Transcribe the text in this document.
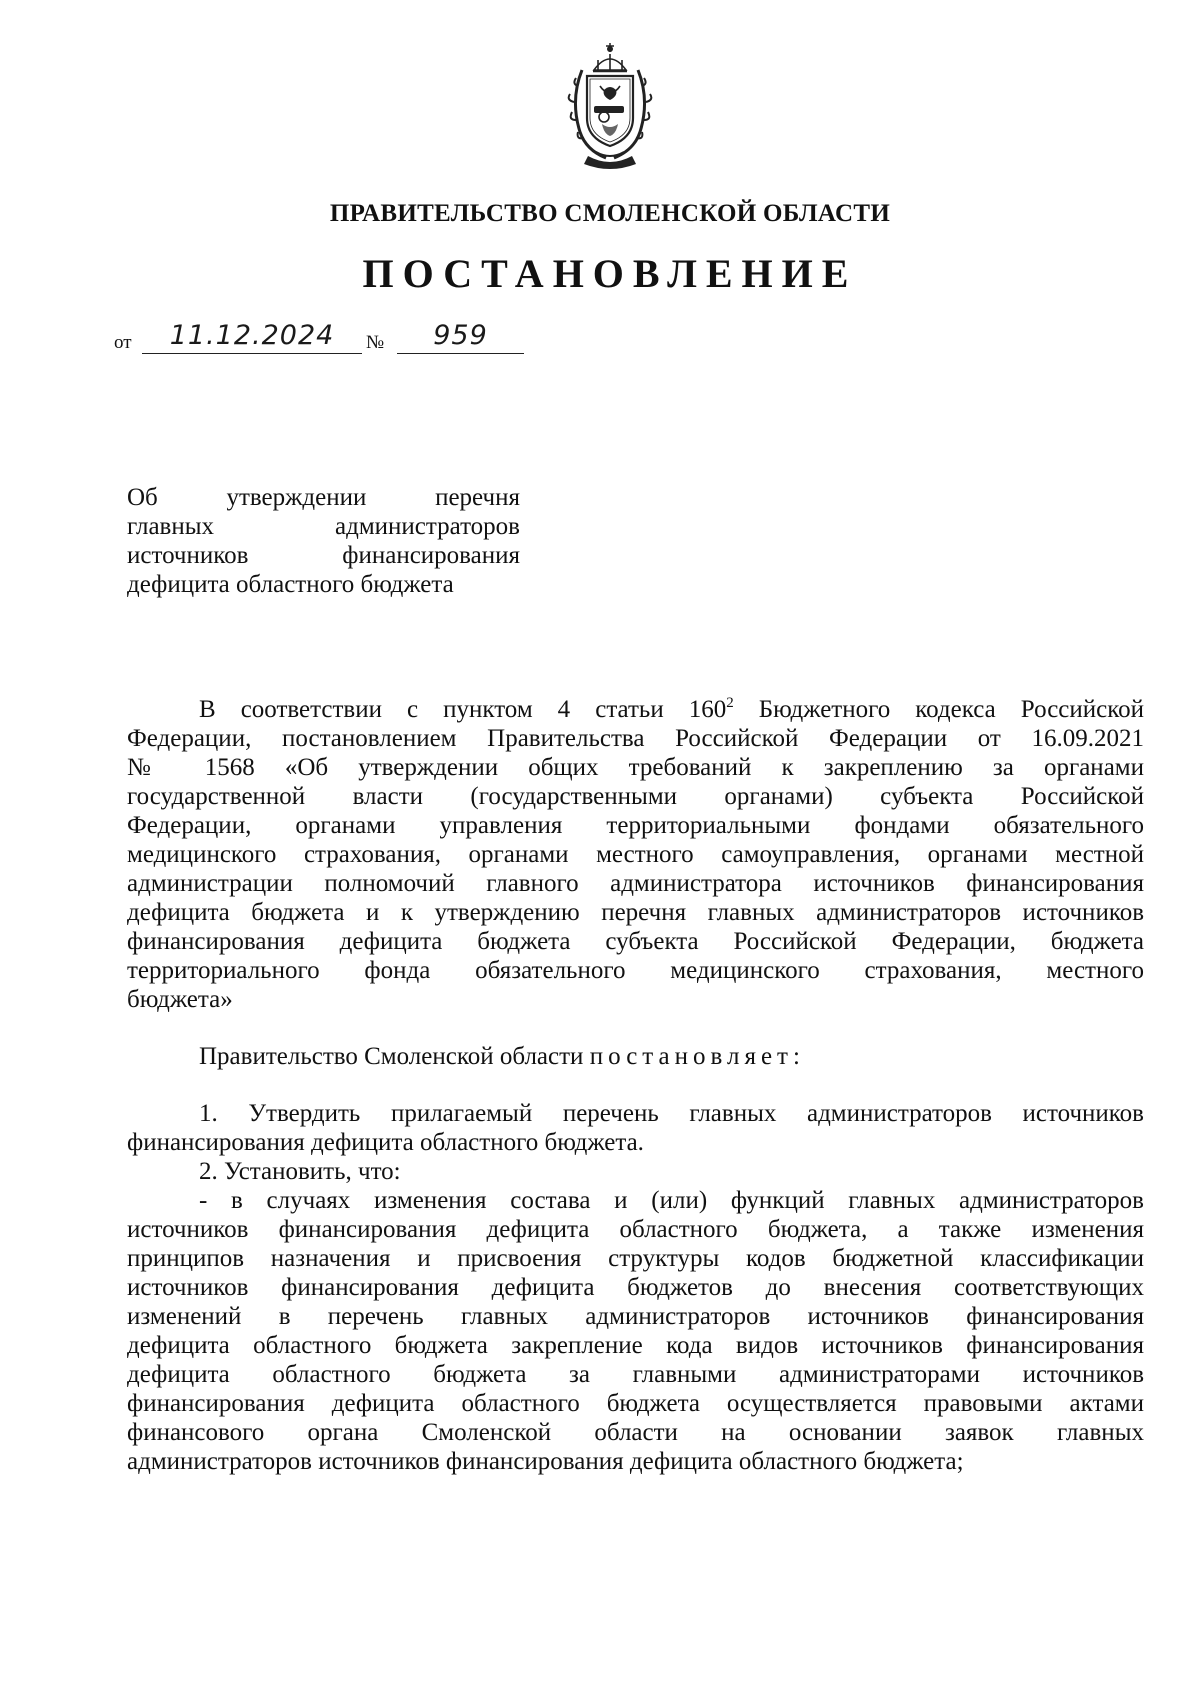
ПРАВИТЕЛЬСТВО СМОЛЕНСКОЙ ОБЛАСТИ
ПОСТАНОВЛЕНИЕ
от	11.12.2024	№	959
Об утверждении перечня
главных администраторов
источников финансирования
дефицита областного бюджета
В соответствии с пунктом 4 статьи $160^2$ Бюджетного кодекса Российской
Федерации, постановлением Правительства Российской Федерации от 16.09.2021
№ 1568 «Об утверждении общих требований к закреплению за органами
государственной власти (государственными органами) субъекта Российской
Федерации, органами управления территориальными фондами обязательного
медицинского страхования, органами местного самоуправления, органами местной
администрации полномочий главного администратора источников финансирования
дефицита бюджета и к утверждению перечня главных администраторов источников
финансирования дефицита бюджета субъекта Российской Федерации, бюджета
территориального фонда обязательного медицинского страхования, местного
бюджета»
Правительство Смоленской области постановляет:
1. Утвердить прилагаемый перечень главных администраторов источников
финансирования дефицита областного бюджета.
2. Установить, что:
- в случаях изменения состава и (или) функций главных администраторов
источников финансирования дефицита областного бюджета, а также изменения
принципов назначения и присвоения структуры кодов бюджетной классификации
источников финансирования дефицита бюджетов до внесения соответствующих
изменений в перечень главных администраторов источников финансирования
дефицита областного бюджета закрепление кода видов источников финансирования
дефицита областного бюджета за главными администраторами источников
финансирования дефицита областного бюджета осуществляется правовыми актами
финансового органа Смоленской области на основании заявок главных
администраторов источников финансирования дефицита областного бюджета;
